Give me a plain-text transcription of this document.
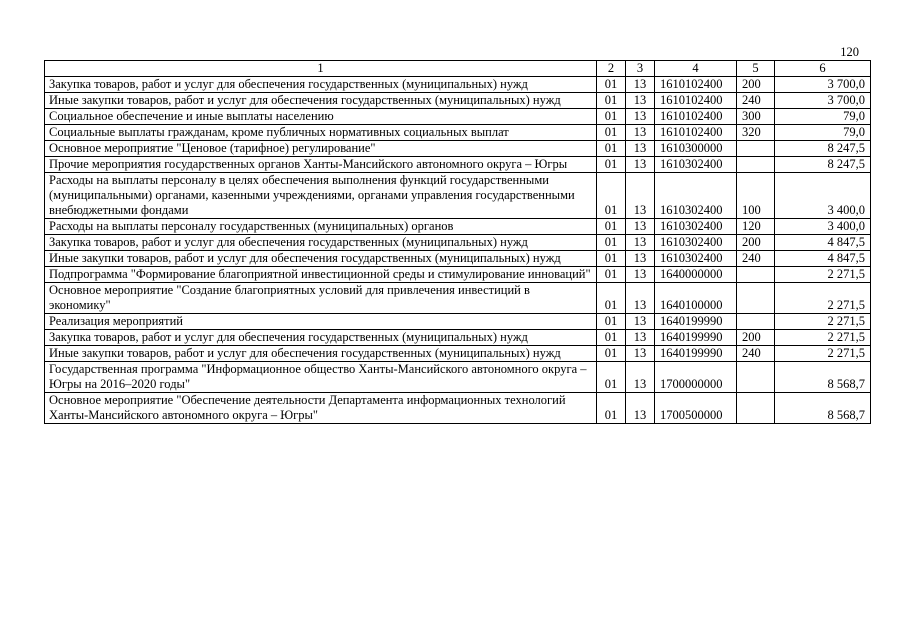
120
1	2	3	4	5	6
Закупка товаров, работ и услуг для обеспечения государственных (муниципальных) нужд	01	13	1610102400	200	3 700,0
Иные закупки товаров, работ и услуг для обеспечения государственных (муниципальных) нужд	01	13	1610102400	240	3 700,0
Социальное обеспечение и иные выплаты населению	01	13	1610102400	300	79,0
Социальные выплаты гражданам, кроме публичных нормативных социальных выплат	01	13	1610102400	320	79,0
Основное мероприятие "Ценовое (тарифное) регулирование"	01	13	1610300000		8 247,5
Прочие мероприятия государственных органов Ханты-Мансийского автономного округа – Югры	01	13	1610302400		8 247,5
Расходы на выплаты персоналу в целях обеспечения выполнения функций государственными (муниципальными) органами, казенными учреждениями, органами управления государственными внебюджетными фондами	01	13	1610302400	100	3 400,0
Расходы на выплаты персоналу государственных (муниципальных) органов	01	13	1610302400	120	3 400,0
Закупка товаров, работ и услуг для обеспечения государственных (муниципальных) нужд	01	13	1610302400	200	4 847,5
Иные закупки товаров, работ и услуг для обеспечения государственных (муниципальных) нужд	01	13	1610302400	240	4 847,5
Подпрограмма "Формирование благоприятной инвестиционной среды и стимулирование инноваций"	01	13	1640000000		2 271,5
Основное мероприятие "Создание благоприятных условий для привлечения инвестиций в экономику"	01	13	1640100000		2 271,5
Реализация мероприятий	01	13	1640199990		2 271,5
Закупка товаров, работ и услуг для обеспечения государственных (муниципальных) нужд	01	13	1640199990	200	2 271,5
Иные закупки товаров, работ и услуг для обеспечения государственных (муниципальных) нужд	01	13	1640199990	240	2 271,5
Государственная программа "Информационное общество Ханты-Мансийского автономного округа – Югры на 2016–2020 годы"	01	13	1700000000		8 568,7
Основное мероприятие "Обеспечение деятельности Департамента информационных технологий Ханты-Мансийского автономного округа – Югры"	01	13	1700500000		8 568,7
